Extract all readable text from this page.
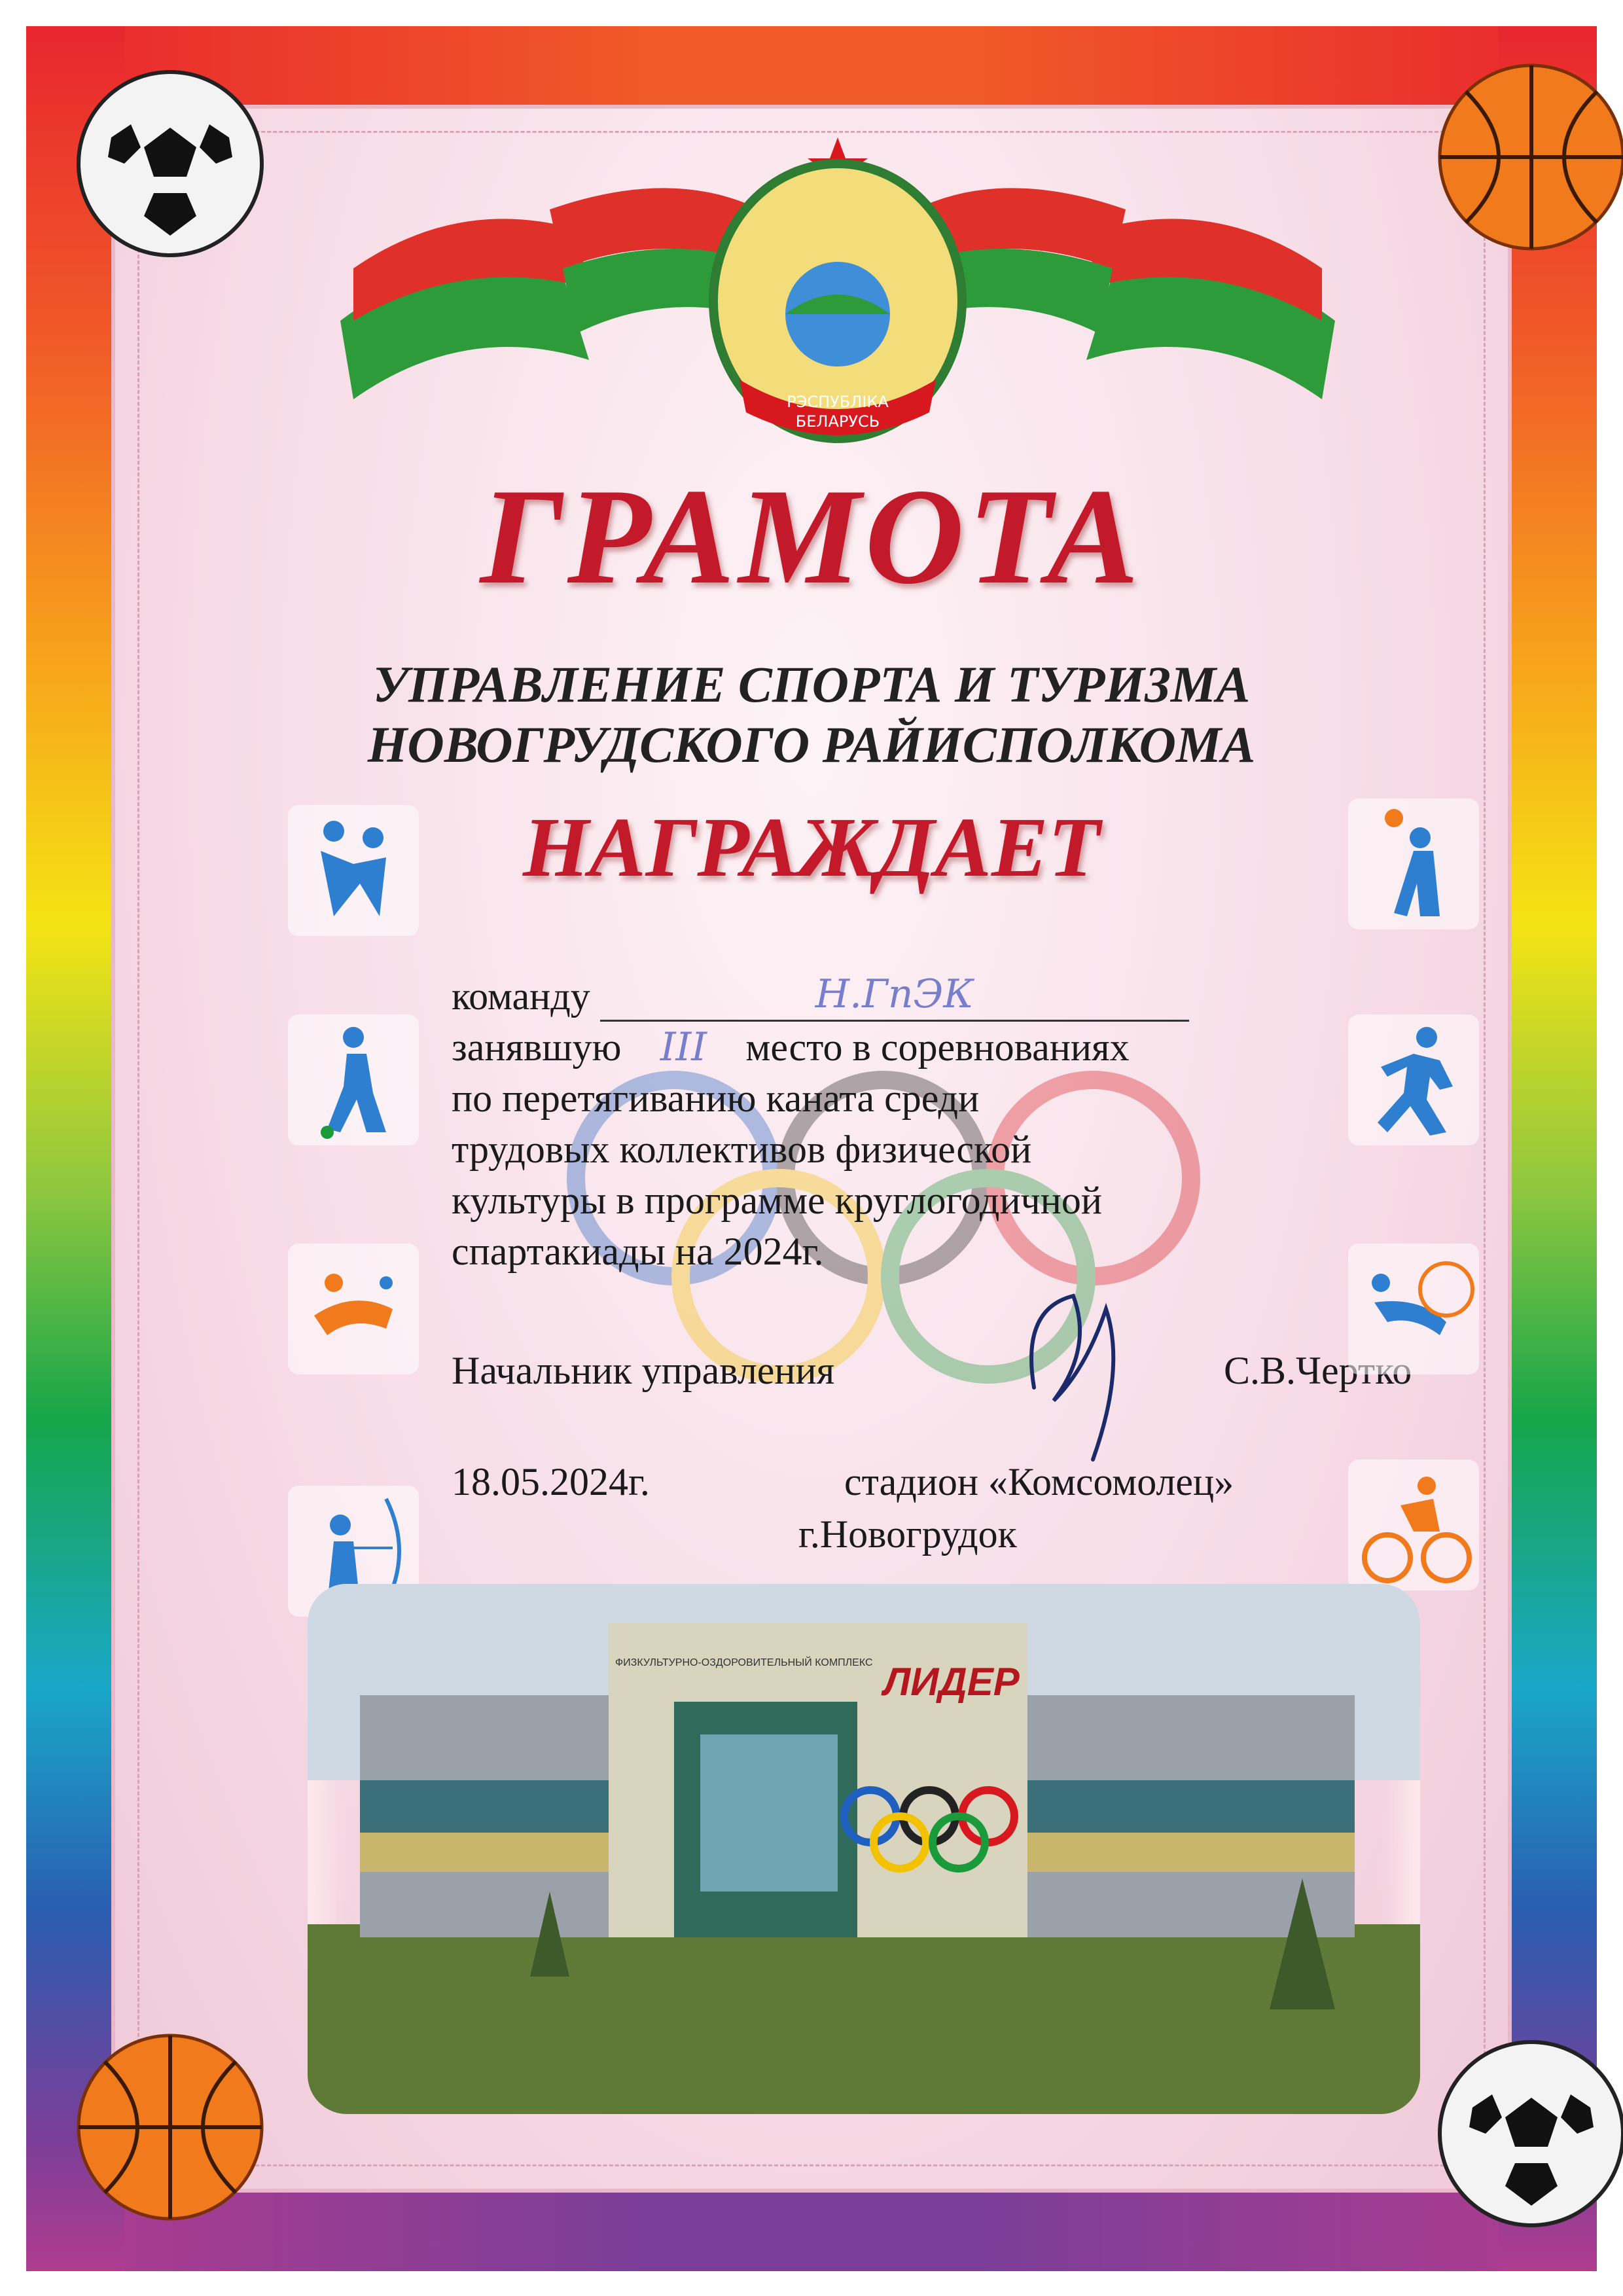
РЭСПУБЛІКА
БЕЛАРУСЬ
ГРАМОТА
УПРАВЛЕНИЕ СПОРТА И ТУРИЗМА
НОВОГРУДСКОГО РАЙИСПОЛКОМА
НАГРАЖДАЕТ
команду	Н.ГпЭК
занявшую III место в соревнованиях
по перетягиванию каната среди
трудовых коллективов физической
культуры в программе круглогодичной
спартакиады на 2024г.
Начальник управления	С.В.Чертко
18.05.2024г.	стадион «Комсомолец»
г.Новогрудок
ЛИДЕР
ФИЗКУЛЬТУРНО-ОЗДОРОВИТЕЛЬНЫЙ КОМПЛЕКС
